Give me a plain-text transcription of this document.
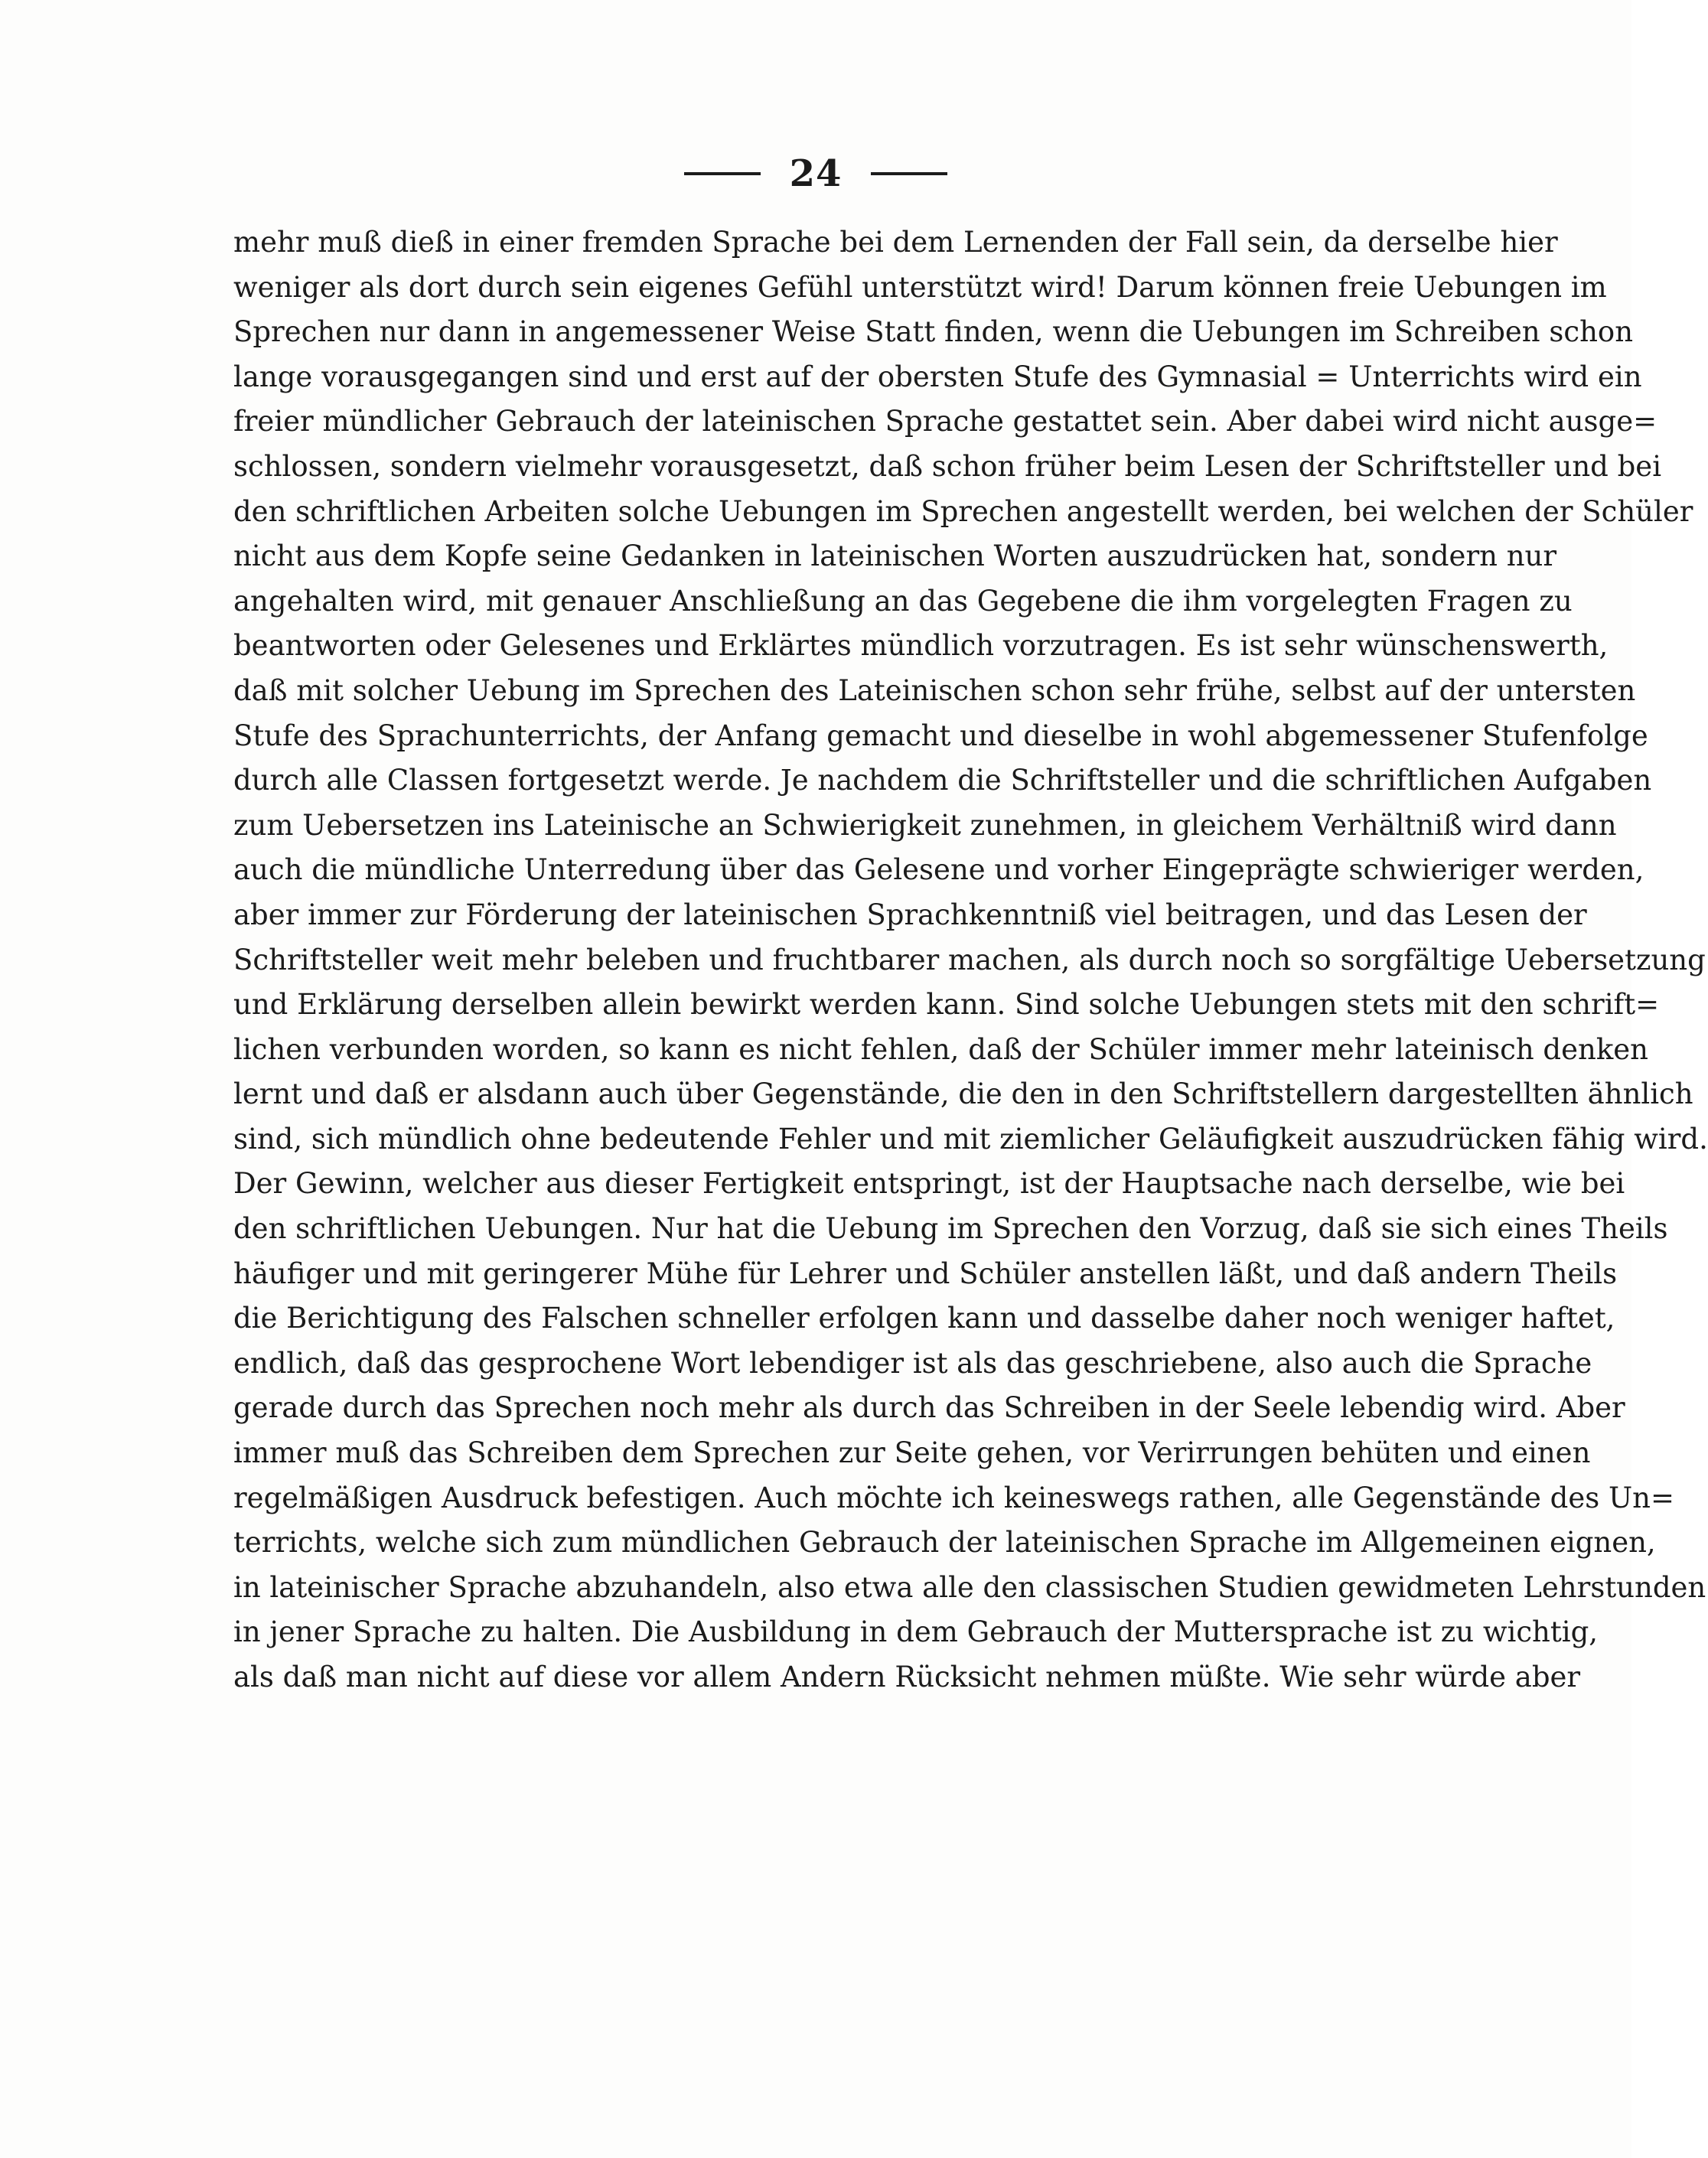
24
mehr muß dieß in einer fremden Sprache bei dem Lernenden der Fall sein, da derselbe hier
weniger als dort durch sein eigenes Gefühl unterstützt wird! Darum können freie Uebungen im
Sprechen nur dann in angemessener Weise Statt finden, wenn die Uebungen im Schreiben schon
lange vorausgegangen sind und erst auf der obersten Stufe des Gymnasial = Unterrichts wird ein
freier mündlicher Gebrauch der lateinischen Sprache gestattet sein. Aber dabei wird nicht ausge=
schlossen, sondern vielmehr vorausgesetzt, daß schon früher beim Lesen der Schriftsteller und bei
den schriftlichen Arbeiten solche Uebungen im Sprechen angestellt werden, bei welchen der Schüler
nicht aus dem Kopfe seine Gedanken in lateinischen Worten auszudrücken hat, sondern nur
angehalten wird, mit genauer Anschließung an das Gegebene die ihm vorgelegten Fragen zu
beantworten oder Gelesenes und Erklärtes mündlich vorzutragen. Es ist sehr wünschenswerth,
daß mit solcher Uebung im Sprechen des Lateinischen schon sehr frühe, selbst auf der untersten
Stufe des Sprachunterrichts, der Anfang gemacht und dieselbe in wohl abgemessener Stufenfolge
durch alle Classen fortgesetzt werde. Je nachdem die Schriftsteller und die schriftlichen Aufgaben
zum Uebersetzen ins Lateinische an Schwierigkeit zunehmen, in gleichem Verhältniß wird dann
auch die mündliche Unterredung über das Gelesene und vorher Eingeprägte schwieriger werden,
aber immer zur Förderung der lateinischen Sprachkenntniß viel beitragen, und das Lesen der
Schriftsteller weit mehr beleben und fruchtbarer machen, als durch noch so sorgfältige Uebersetzung
und Erklärung derselben allein bewirkt werden kann. Sind solche Uebungen stets mit den schrift=
lichen verbunden worden, so kann es nicht fehlen, daß der Schüler immer mehr lateinisch denken
lernt und daß er alsdann auch über Gegenstände, die den in den Schriftstellern dargestellten ähnlich
sind, sich mündlich ohne bedeutende Fehler und mit ziemlicher Geläufigkeit auszudrücken fähig wird.
Der Gewinn, welcher aus dieser Fertigkeit entspringt, ist der Hauptsache nach derselbe, wie bei
den schriftlichen Uebungen. Nur hat die Uebung im Sprechen den Vorzug, daß sie sich eines Theils
häufiger und mit geringerer Mühe für Lehrer und Schüler anstellen läßt, und daß andern Theils
die Berichtigung des Falschen schneller erfolgen kann und dasselbe daher noch weniger haftet,
endlich, daß das gesprochene Wort lebendiger ist als das geschriebene, also auch die Sprache
gerade durch das Sprechen noch mehr als durch das Schreiben in der Seele lebendig wird. Aber
immer muß das Schreiben dem Sprechen zur Seite gehen, vor Verirrungen behüten und einen
regelmäßigen Ausdruck befestigen. Auch möchte ich keineswegs rathen, alle Gegenstände des Un=
terrichts, welche sich zum mündlichen Gebrauch der lateinischen Sprache im Allgemeinen eignen,
in lateinischer Sprache abzuhandeln, also etwa alle den classischen Studien gewidmeten Lehrstunden
in jener Sprache zu halten. Die Ausbildung in dem Gebrauch der Muttersprache ist zu wichtig,
als daß man nicht auf diese vor allem Andern Rücksicht nehmen müßte. Wie sehr würde aber
